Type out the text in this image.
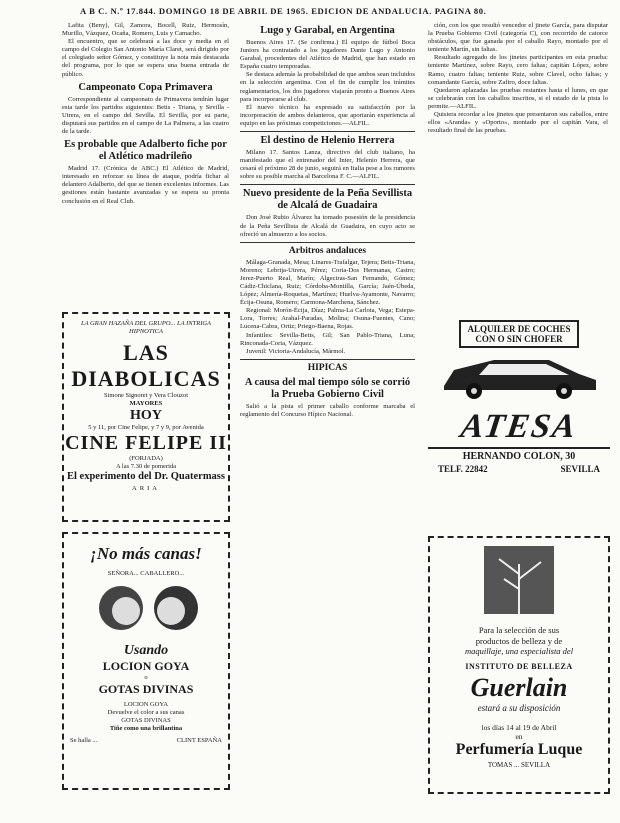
A B C. N.º 17.844. DOMINGO 18 DE ABRIL DE 1965. EDICION DE ANDALUCIA. PAGINA 80.

Lafita (Beny), Gil, Zamora, Bocell, Ruiz, Hermosín, Murillo, Vázquez, Ocaña, Romero, Luis y Camacho.

El encuentro, que se celebrará a las doce y media en el campo del Colegio San Antonio María Claret, será dirigido por el colegiado señor Gómez, y constituye la nota más destacada del programa, por lo que se espera una buena entrada de público.

Campeonato Copa Primavera

Correspondiente al campeonato de Primavera tendrán lugar esta tarde los partidos siguientes: Betis - Triana, y Sevilla - Utrera, en el campo del Sevilla. El Sevilla, por su parte, disputará sus partidos en el campo de La Palmera, a las cuatro de la tarde.

Es probable que Adalberto fiche por el Atlético madrileño

Madrid 17. (Crónica de ABC.) El Atlético de Madrid, interesado en reforzar su línea de ataque, podría fichar al delantero Adalberto, del que se tienen excelentes informes. Las gestiones están bastante avanzadas y se espera su pronta conclusión en el Real Club.

LA GRAN HAZAÑA DEL GRUPO... LA INTRIGA HIPNOTICA
LAS DIABOLICAS
Simone Signoret y Vera Clouzot
MAYORES
HOY
5 y 11, por Cine Felipe, y 7 y 9, por Avenida
CINE FELIPE II
(FORJADA)
A las 7.30 de pomerida
El experimento del Dr. Quatermass
ARIA
¡No más canas!
SEÑORA... CABALLERO...
Usando
LOCION GOYA
o
GOTAS DIVINAS
LOCION GOYA
Devuelve el color a sus canas
GOTAS DIVINAS
Tiñe como una brillantina
Se halla ...	CLINT ESPAÑA
Lugo y Garabal, en Argentina

Buenos Aires 17. (Se confirma.) El equipo de fútbol Boca Juniors ha contratado a los jugadores Dante Lugo y Antonio Garabal, procedentes del Atlético de Madrid, que han estado en España cuatro temporadas.

Se destaca además la probabilidad de que ambos sean incluidos en la selección argentina. Con el fin de cumplir los trámites reglamentarios, los dos jugadores viajarán pronto a Buenos Aires para incorporarse al club.

El nuevo técnico ha expresado su satisfacción por la incorporación de ambos delanteros, que aportarán experiencia al equipo en las próximas competiciones.—ALFIL.

El destino de Helenio Herrera

Milano 17. Santos Lanza, directivo del club italiano, ha manifestado que el entrenador del Inter, Helenio Herrera, que cesará el próximo 28 de junio, seguirá en Italia pese a los rumores sobre su posible marcha al Barcelona F. C.—ALFIL.

Nuevo presidente de la Peña Sevillista de Alcalá de Guadaira

Don José Rubio Álvarez ha tomado posesión de la presidencia de la Peña Sevillista de Alcalá de Guadaira, en cuyo acto se ofreció un almuerzo a los socios.

Arbitros andaluces

Málaga-Granada, Mesa; Linares-Trafalgar, Tejera; Betis-Triana, Moreno; Lebrija-Utrera, Pérez; Coria-Dos Hermanas, Castro; Jerez-Puerto Real, Marín; Algeciras-San Fernando, Gómez; Cádiz-Chiclana, Ruiz; Córdoba-Montilla, García; Jaén-Úbeda, López; Almería-Roquetas, Martínez; Huelva-Ayamonte, Navarro; Écija-Osuna, Romero; Carmona-Marchena, Sánchez.

Regional: Morón-Écija, Díaz; Palma-La Carlota, Vega; Estepa-Lora, Torres; Arahal-Paradas, Molina; Osuna-Fuentes, Cano; Lucena-Cabra, Ortiz; Priego-Baena, Rojas.

Infantiles: Sevilla-Betis, Gil; San Pablo-Triana, Luna; Rinconada-Coria, Vázquez.

Juvenil: Victoria-Andalucía, Mármol.

HIPICAS
A causa del mal tiempo sólo se corrió la Prueba Gobierno Civil

Salió a la pista el primer caballo conforme marcaba el reglamento del Concurso Hípico Nacional.

ción, con los que resultó vencedor el jinete García, para disputar la Prueba Gobierno Civil (categoría C), con recorrido de catorce obstáculos, que fue ganada por el caballo Rayo, montado por el teniente Martín, sin faltas.

Resultado agregado de los jinetes participantes en esta prueba: teniente Martínez, sobre Rayo, cero faltas; capitán López, sobre Ramo, cuatro faltas; teniente Ruiz, sobre Clavel, ocho faltas; y comandante García, sobre Zafiro, doce faltas.

Quedaron aplazadas las pruebas restantes hasta el lunes, en que se celebrarán con los caballos inscritos, si el estado de la pista lo permite.—ALFIL.

Quisiera recordar a los jinetes que presentaron sus caballos, entre ellos «Aranda» y «Oporto», montado por el capitán Vara, el resultado final de las pruebas.

ALQUILER DE COCHES
CON O SIN CHOFER

ATESA
HERNANDO COLON, 30
TELF. 22842	SEVILLA
Para la selección de sus
productos de belleza y de
maquillaje, una especialista del
INSTITUTO DE BELLEZA
Guerlain
estará a su disposición
los días 14 al 19 de Abril
en
Perfumería Luque
TOMAS ... SEVILLA
